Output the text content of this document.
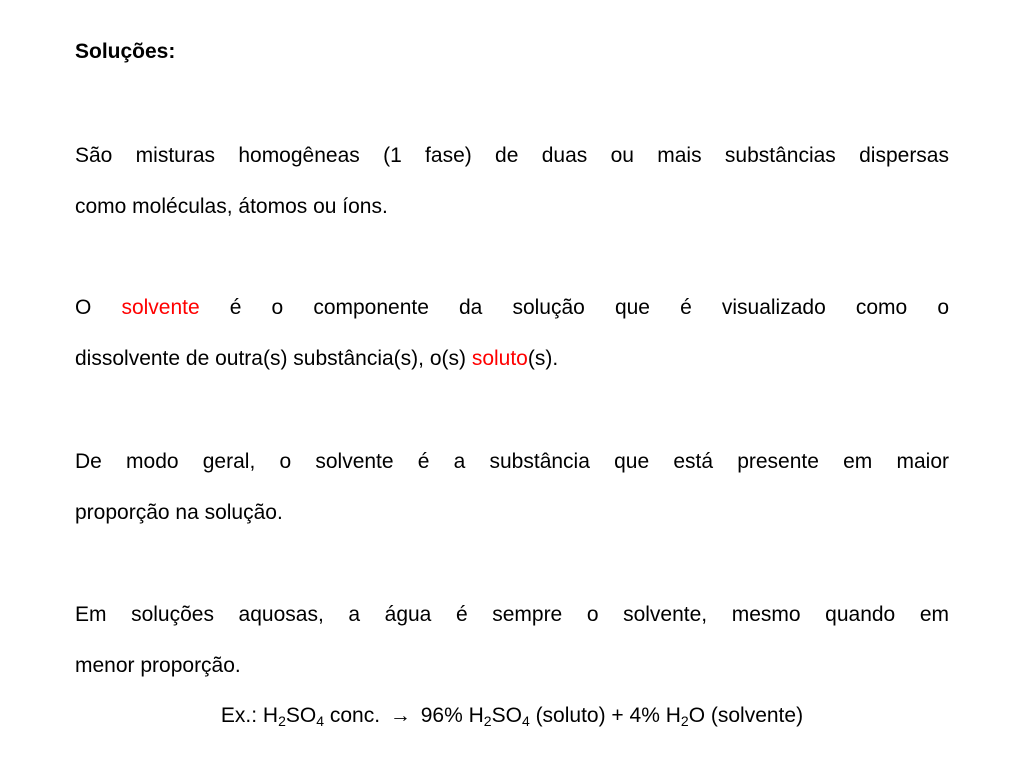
Soluções:
São misturas homogêneas (1 fase) de duas ou mais substâncias dispersas
como moléculas, átomos ou íons.
O solvente é o componente da solução que é visualizado como o
dissolvente de outra(s) substância(s), o(s) soluto(s).
De modo geral, o solvente é a substância que está presente em maior
proporção na solução.
Em soluções aquosas, a água é sempre o solvente, mesmo quando em
menor proporção.
Ex.: $H_2SO_4$ conc. → 96% $H_2SO_4$ (soluto) + 4% $H_2O$ (solvente)
